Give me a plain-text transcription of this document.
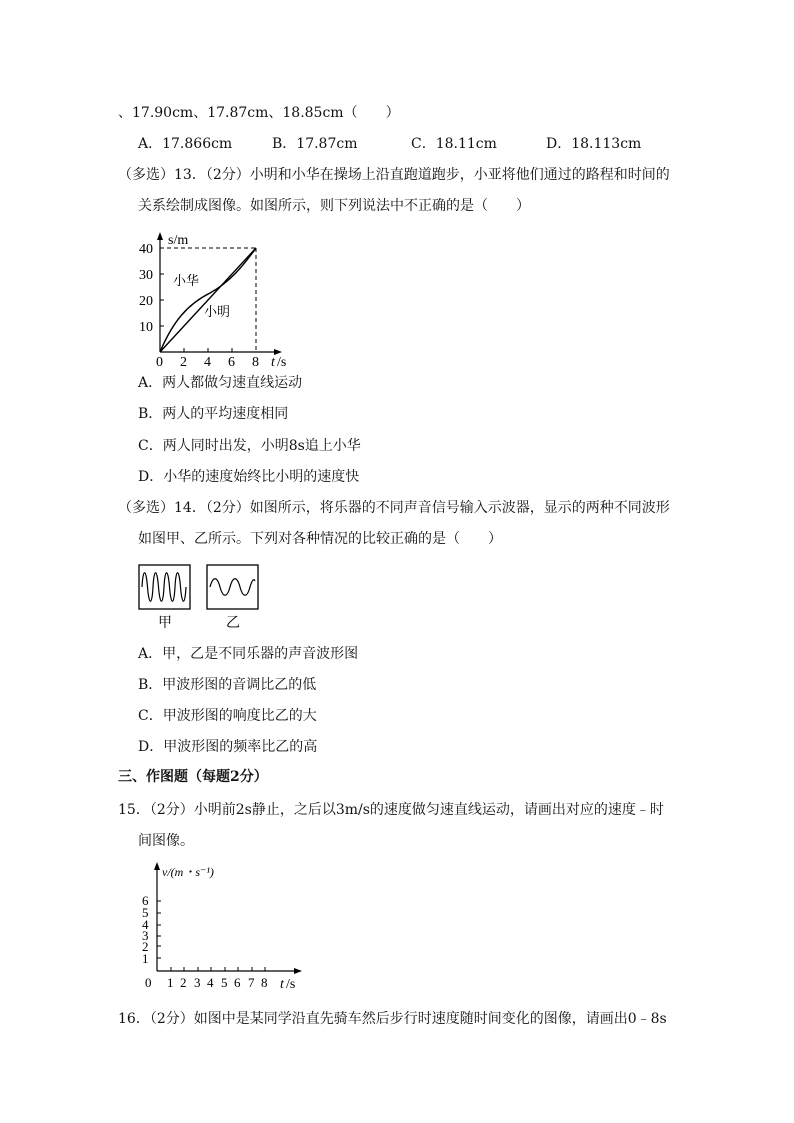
、17.90cm、17.87cm、18.85cm（　　）
A．17.866cm	B．17.87cm	C．18.11cm	D．18.113cm
（多选）13．（2分）小明和小华在操场上沿直跑道跑步，小亚将他们通过的路程和时间的
关系绘制成图像。如图所示，则下列说法中不正确的是（　　）
s/m
40
30
20
10
0 2 4 6 8 t /s
小华
小明
A．两人都做匀速直线运动
B．两人的平均速度相同
C．两人同时出发，小明8s追上小华
D．小华的速度始终比小明的速度快
（多选）14．（2分）如图所示，将乐器的不同声音信号输入示波器，显示的两种不同波形
如图甲、乙所示。下列对各种情况的比较正确的是（　　）
甲	乙
A．甲，乙是不同乐器的声音波形图
B．甲波形图的音调比乙的低
C．甲波形图的响度比乙的大
D．甲波形图的频率比乙的高
三、作图题（每题2分）
15．（2分）小明前2s静止，之后以3m/s的速度做匀速直线运动，请画出对应的速度﹣时
间图像。
v/(m・s⁻¹)
6
5
4
3
2
1
0 1 2 3 4 5 6 7 8 t /s
16．（2分）如图中是某同学沿直先骑车然后步行时速度随时间变化的图像，请画出0﹣8s
